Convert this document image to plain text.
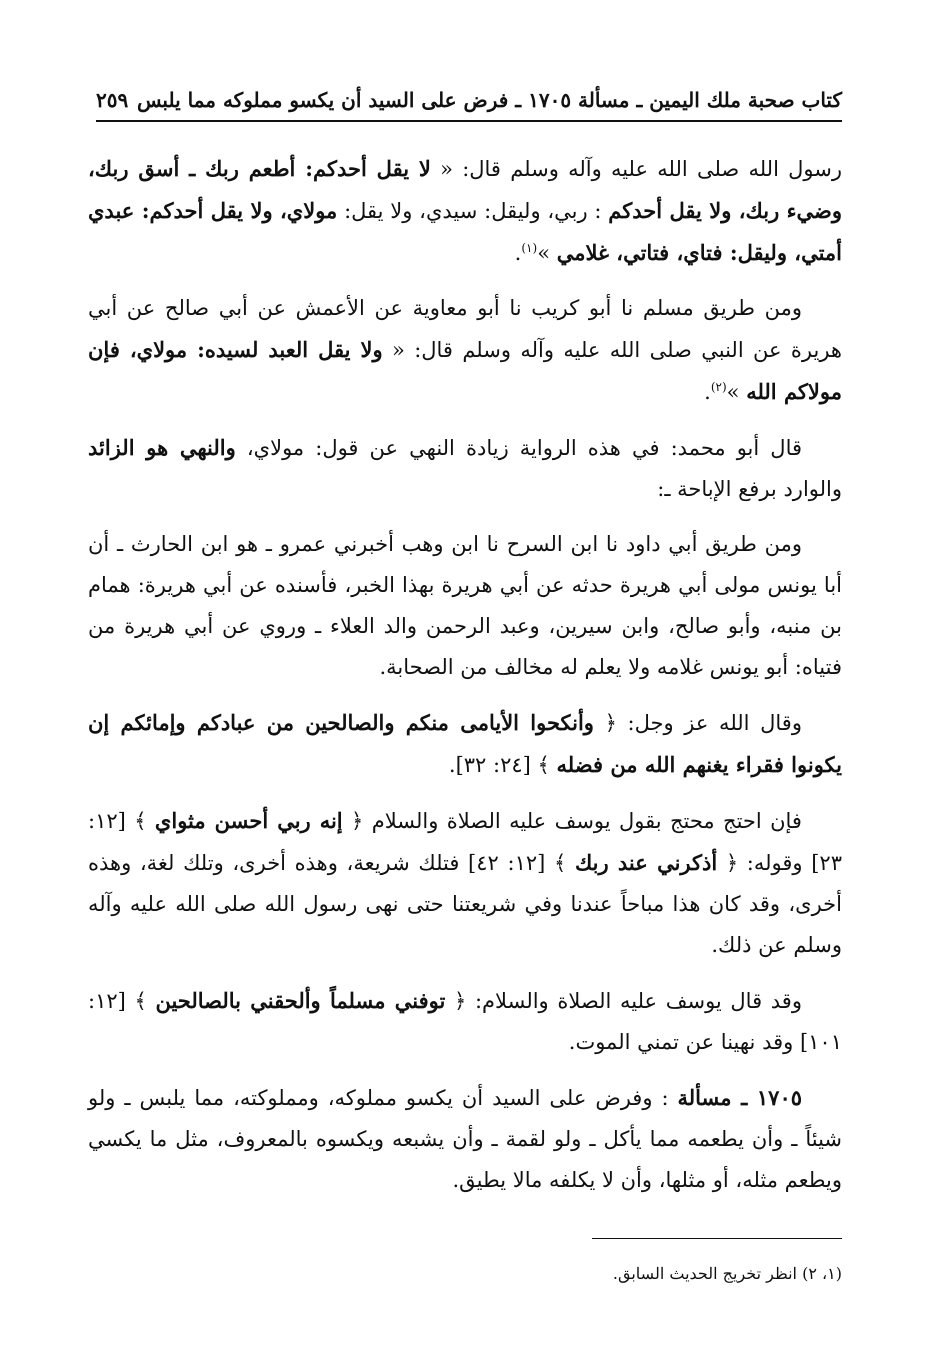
كتاب صحبة ملك اليمين ـ مسألة ١٧٠٥ ـ فرض على السيد أن يكسو مملوكه مما يلبس
٢٥٩

رسول الله صلى الله عليه وآله وسلم قال: « لا يقل أحدكم: أطعم ربك ـ أسق ربك، وضيء ربك، ولا يقل أحدكم : ربي، وليقل: سيدي، ولا يقل: مولاي، ولا يقل أحدكم: عبدي أمتي، وليقل: فتاي، فتاتي، غلامي »$^{(١)}$.

ومن طريق مسلم نا أبو كريب نا أبو معاوية عن الأعمش عن أبي صالح عن أبي هريرة عن النبي صلى الله عليه وآله وسلم قال: « ولا يقل العبد لسيده: مولاي، فإن مولاكم الله »$^{(٢)}$.

قال أبو محمد: في هذه الرواية زيادة النهي عن قول: مولاي، والنهي هو الزائد والوارد برفع الإباحة ـ:

ومن طريق أبي داود نا ابن السرح نا ابن وهب أخبرني عمرو ـ هو ابن الحارث ـ أن أبا يونس مولى أبي هريرة حدثه عن أبي هريرة بهذا الخبر، فأسنده عن أبي هريرة: همام بن منبه، وأبو صالح، وابن سيرين، وعبد الرحمن والد العلاء ـ وروي عن أبي هريرة من فتياه: أبو يونس غلامه ولا يعلم له مخالف من الصحابة.

وقال الله عز وجل: ﴿ وأنكحوا الأيامى منكم والصالحين من عبادكم وإمائكم إن يكونوا فقراء يغنهم الله من فضله ﴾ [٢٤: ٣٢].

فإن احتج محتج بقول يوسف عليه الصلاة والسلام ﴿ إنه ربي أحسن مثواي ﴾ [١٢: ٢٣] وقوله: ﴿ أذكرني عند ربك ﴾ [١٢: ٤٢] فتلك شريعة، وهذه أخرى، وتلك لغة، وهذه أخرى، وقد كان هذا مباحاً عندنا وفي شريعتنا حتى نهى رسول الله صلى الله عليه وآله وسلم عن ذلك.

وقد قال يوسف عليه الصلاة والسلام: ﴿ توفني مسلماً وألحقني بالصالحين ﴾ [١٢: ١٠١] وقد نهينا عن تمني الموت.

١٧٠٥ ـ مسألة : وفرض على السيد أن يكسو مملوكه، ومملوكته، مما يلبس ـ ولو شيئاً ـ وأن يطعمه مما يأكل ـ ولو لقمة ـ وأن يشبعه ويكسوه بالمعروف، مثل ما يكسي ويطعم مثله، أو مثلها، وأن لا يكلفه مالا يطيق.

(١، ٢) انظر تخريج الحديث السابق.
